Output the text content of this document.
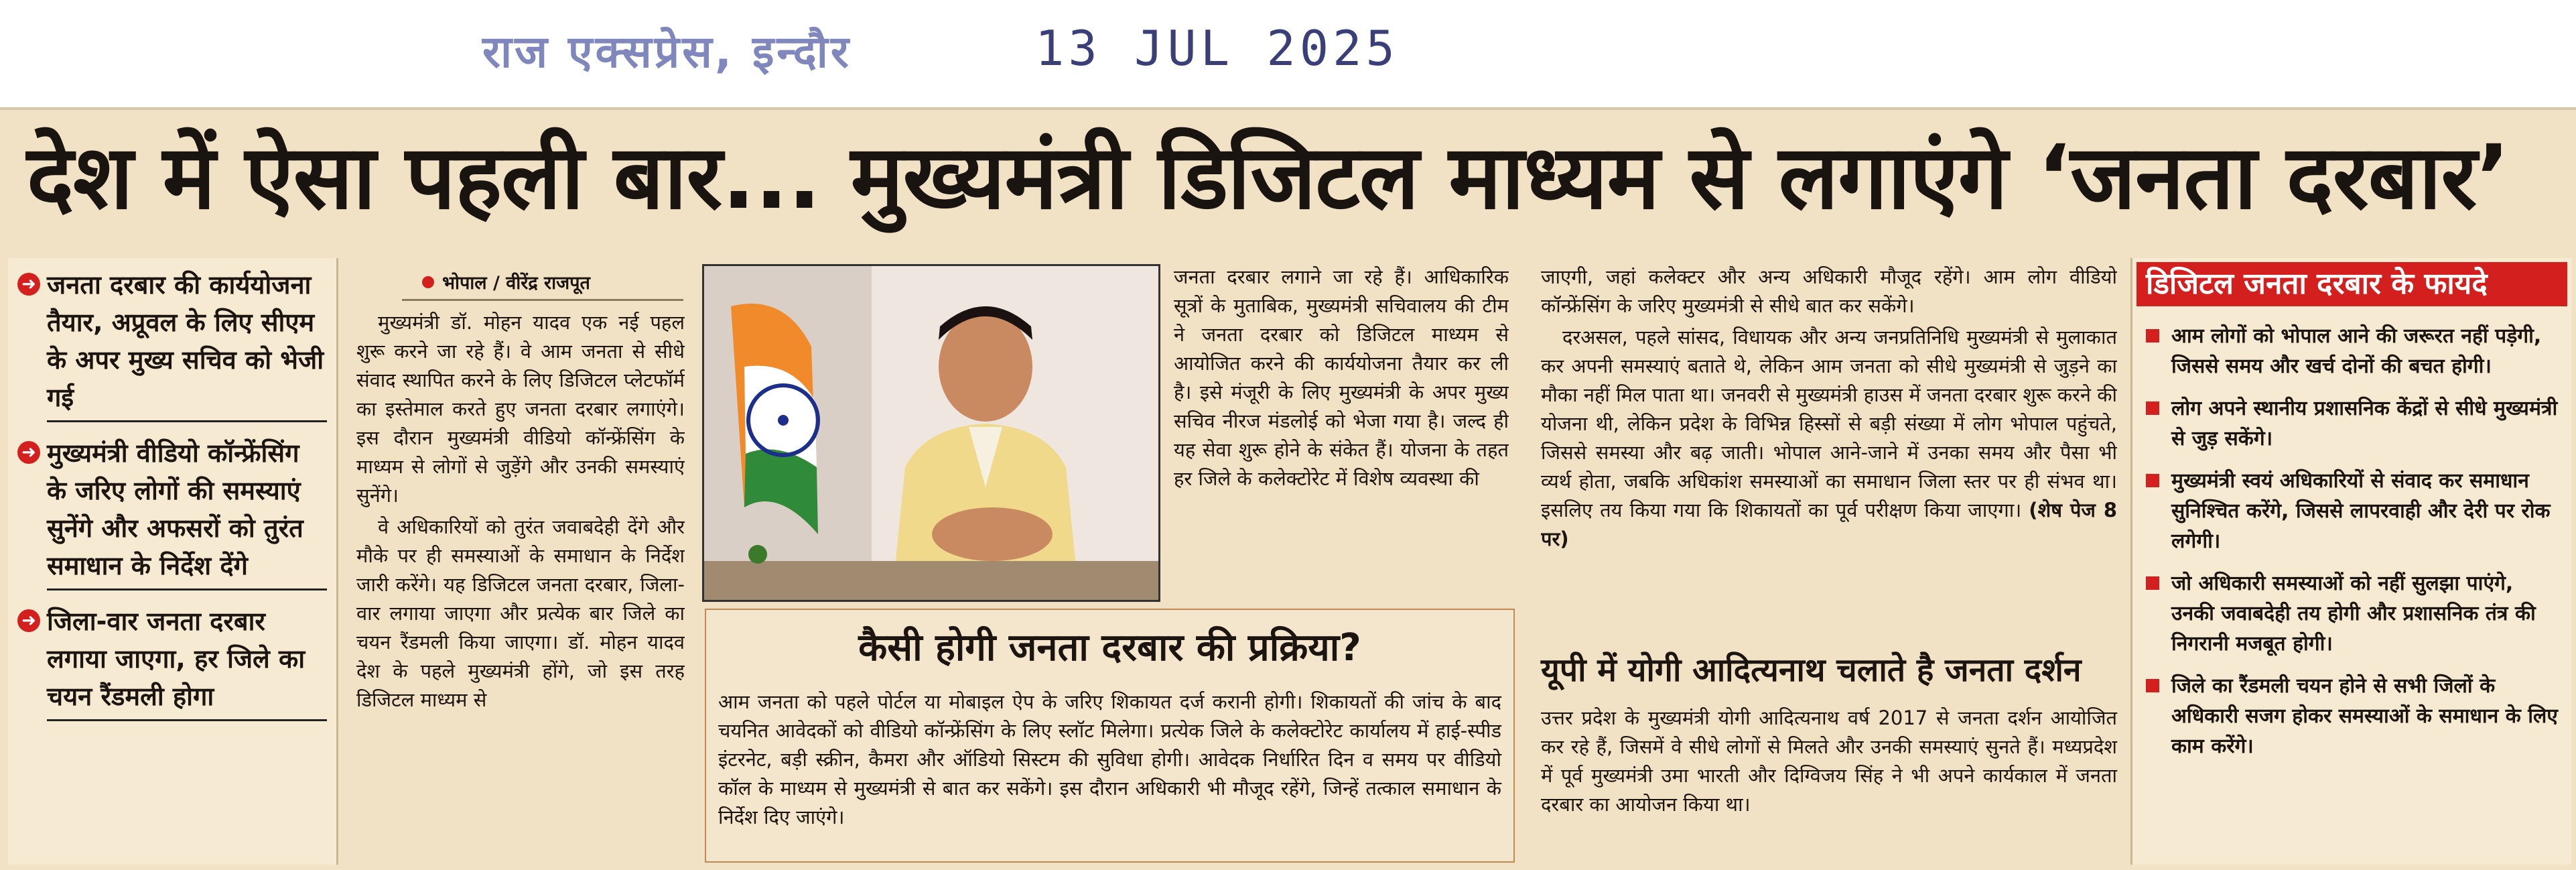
राज एक्सप्रेस, इन्दौर	13 JUL 2025
देश में ऐसा पहली बार... मुख्यमंत्री डिजिटल माध्यम से लगाएंगे ‘जनता दरबार’
➜ जनता दरबार की कार्ययोजना तैयार, अप्रूवल के लिए सीएम के अपर मुख्य सचिव को भेजी गई
➜ मुख्यमंत्री वीडियो कॉन्फ्रेंसिंग के जरिए लोगों की समस्याएं सुनेंगे और अफसरों को तुरंत समाधान के निर्देश देंगे
➜ जिला-वार जनता दरबार लगाया जाएगा, हर जिले का चयन रैंडमली होगा
भोपाल / वीरेंद्र राजपूत

मुख्यमंत्री डॉ. मोहन यादव एक नई पहल शुरू करने जा रहे हैं। वे आम जनता से सीधे संवाद स्थापित करने के लिए डिजिटल प्लेटफॉर्म का इस्तेमाल करते हुए जनता दरबार लगाएंगे। इस दौरान मुख्यमंत्री वीडियो कॉन्फ्रेंसिंग के माध्यम से लोगों से जुड़ेंगे और उनकी समस्याएं सुनेंगे।

वे अधिकारियों को तुरंत जवाबदेही देंगे और मौके पर ही समस्याओं के समाधान के निर्देश जारी करेंगे। यह डिजिटल जनता दरबार, जिला-वार लगाया जाएगा और प्रत्येक बार जिले का चयन रैंडमली किया जाएगा। डॉ. मोहन यादव देश के पहले मुख्यमंत्री होंगे, जो इस तरह डिजिटल माध्यम से

जनता दरबार लगाने जा रहे हैं। आधिकारिक सूत्रों के मुताबिक, मुख्यमंत्री सचिवालय की टीम ने जनता दरबार को डिजिटल माध्यम से आयोजित करने की कार्ययोजना तैयार कर ली है। इसे मंजूरी के लिए मुख्यमंत्री के अपर मुख्य सचिव नीरज मंडलोई को भेजा गया है। जल्द ही यह सेवा शुरू होने के संकेत हैं। योजना के तहत हर जिले के कलेक्टोरेट में विशेष व्यवस्था की

जाएगी, जहां कलेक्टर और अन्य अधिकारी मौजूद रहेंगे। आम लोग वीडियो कॉन्फ्रेंसिंग के जरिए मुख्यमंत्री से सीधे बात कर सकेंगे।

दरअसल, पहले सांसद, विधायक और अन्य जनप्रतिनिधि मुख्यमंत्री से मुलाकात कर अपनी समस्याएं बताते थे, लेकिन आम जनता को सीधे मुख्यमंत्री से जुड़ने का मौका नहीं मिल पाता था। जनवरी से मुख्यमंत्री हाउस में जनता दरबार शुरू करने की योजना थी, लेकिन प्रदेश के विभिन्न हिस्सों से बड़ी संख्या में लोग भोपाल पहुंचते, जिससे समस्या और बढ़ जाती। भोपाल आने-जाने में उनका समय और पैसा भी व्यर्थ होता, जबकि अधिकांश समस्याओं का समाधान जिला स्तर पर ही संभव था। इसलिए तय किया गया कि शिकायतों का पूर्व परीक्षण किया जाएगा। (शेष पेज 8 पर)

कैसी होगी जनता दरबार की प्रक्रिया?
आम जनता को पहले पोर्टल या मोबाइल ऐप के जरिए शिकायत दर्ज करानी होगी। शिकायतों की जांच के बाद चयनित आवेदकों को वीडियो कॉन्फ्रेंसिंग के लिए स्लॉट मिलेगा। प्रत्येक जिले के कलेक्टोरेट कार्यालय में हाई-स्पीड इंटरनेट, बड़ी स्क्रीन, कैमरा और ऑडियो सिस्टम की सुविधा होगी। आवेदक निर्धारित दिन व समय पर वीडियो कॉल के माध्यम से मुख्यमंत्री से बात कर सकेंगे। इस दौरान अधिकारी भी मौजूद रहेंगे, जिन्हें तत्काल समाधान के निर्देश दिए जाएंगे।
यूपी में योगी आदित्यनाथ चलाते है जनता दर्शन
उत्तर प्रदेश के मुख्यमंत्री योगी आदित्यनाथ वर्ष 2017 से जनता दर्शन आयोजित कर रहे हैं, जिसमें वे सीधे लोगों से मिलते और उनकी समस्याएं सुनते हैं। मध्यप्रदेश में पूर्व मुख्यमंत्री उमा भारती और दिग्विजय सिंह ने भी अपने कार्यकाल में जनता दरबार का आयोजन किया था।
डिजिटल जनता दरबार के फायदे
आम लोगों को भोपाल आने की जरूरत नहीं पड़ेगी, जिससे समय और खर्च दोनों की बचत होगी।
लोग अपने स्थानीय प्रशासनिक केंद्रों से सीधे मुख्यमंत्री से जुड़ सकेंगे।
मुख्यमंत्री स्वयं अधिकारियों से संवाद कर समाधान सुनिश्चित करेंगे, जिससे लापरवाही और देरी पर रोक लगेगी।
जो अधिकारी समस्याओं को नहीं सुलझा पाएंगे, उनकी जवाबदेही तय होगी और प्रशासनिक तंत्र की निगरानी मजबूत होगी।
जिले का रैंडमली चयन होने से सभी जिलों के अधिकारी सजग होकर समस्याओं के समाधान के लिए काम करेंगे।
